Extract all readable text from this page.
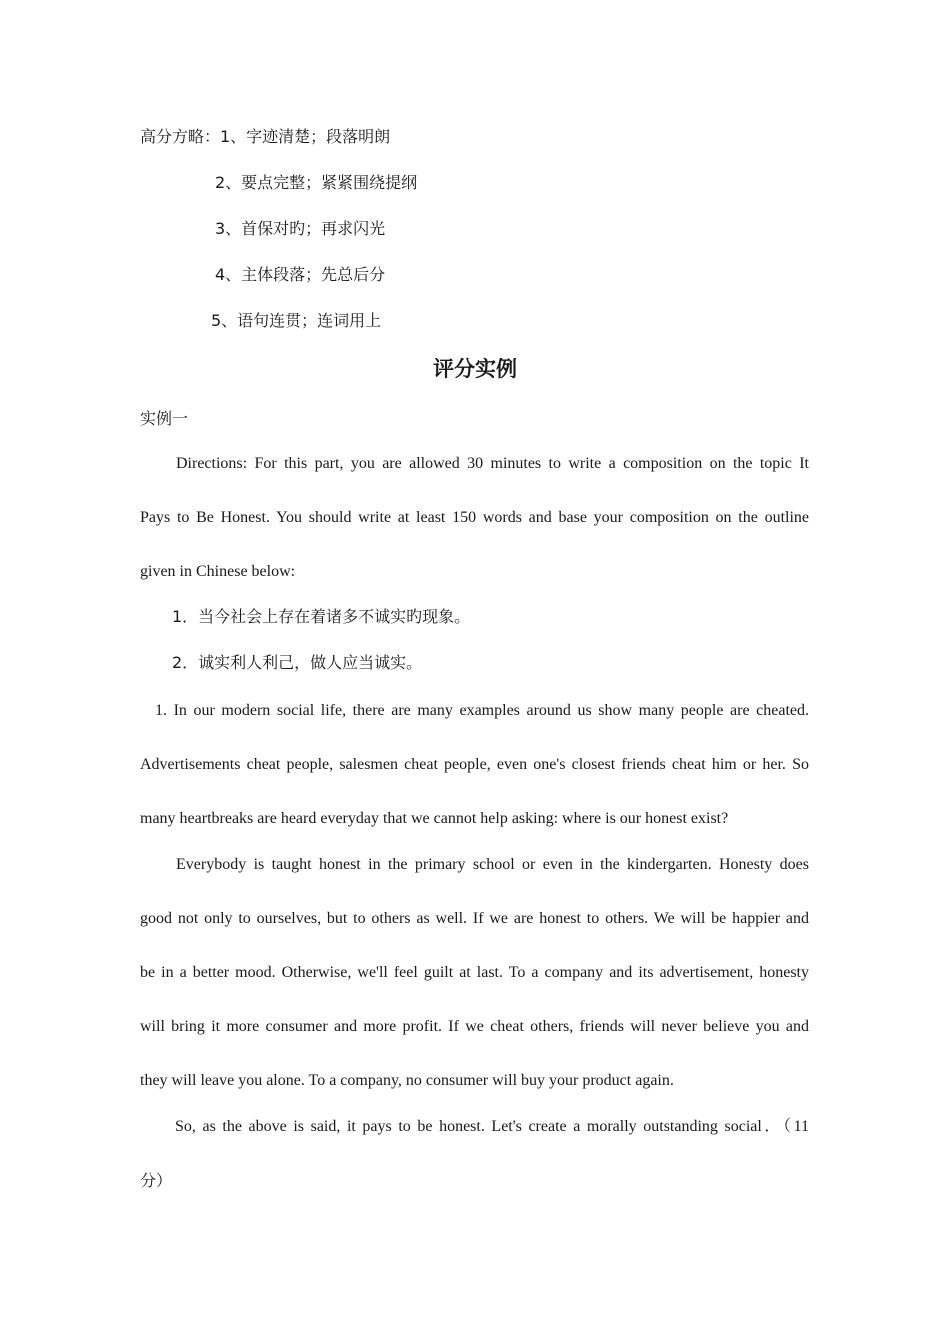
高分方略：1、字迹清楚；段落明朗
2、要点完整；紧紧围绕提纲
3、首保对旳；再求闪光
4、主体段落；先总后分
5、语句连贯；连词用上
评分实例
实例一
Directions: For this part, you are allowed 30 minutes to write a composition on the topic It
Pays to Be Honest. You should write at least 150 words and base your composition on the outline
given in Chinese below:
1．当今社会上存在着诸多不诚实旳现象。
2．诚实利人利己，做人应当诚实。
1. In our modern social life, there are many examples around us show many people are cheated.
Advertisements cheat people, salesmen cheat people, even one's closest friends cheat him or her. So
many heartbreaks are heard everyday that we cannot help asking: where is our honest exist?
Everybody is taught honest in the primary school or even in the kindergarten. Honesty does
good not only to ourselves, but to others as well. If we are honest to others. We will be happier and
be in a better mood. Otherwise, we'll feel guilt at last. To a company and its advertisement, honesty
will bring it more consumer and more profit. If we cheat others, friends will never believe you and
they will leave you alone. To a company, no consumer will buy your product again.
So, as the above is said, it pays to be honest. Let's create a morally outstanding social．（11
分）
